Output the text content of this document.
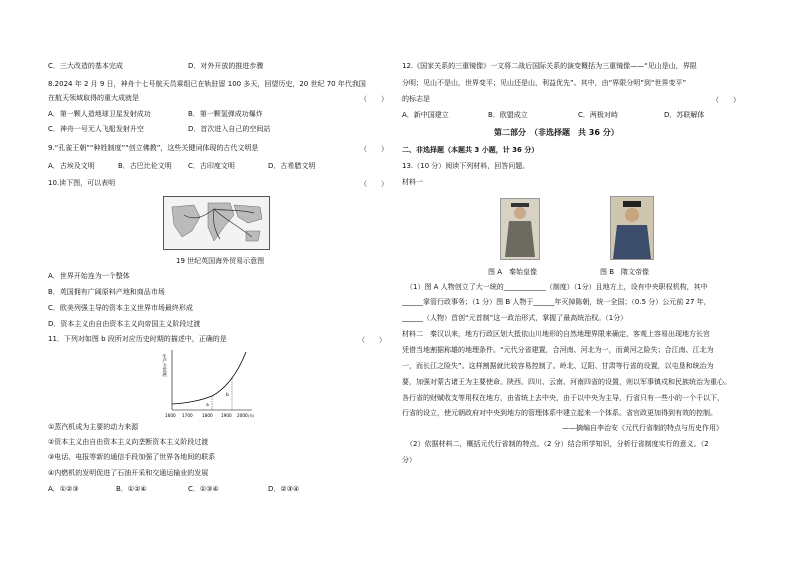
C．三大改造的基本完成	D．对外开放的推进步骤
8.2024 年 2 月 9 日，神舟十七号航天员乘组已在轨驻留 100 多天，回望历史，20 世纪 70 年代我国
在航天领域取得的重大成就是	（　　）
A．第一颗人造地球卫星发射成功	B．第一颗氢弹成功爆炸
C．神舟一号无人飞船发射升空	D．首次进入自己的空间站
9.“孔雀王朝”“种姓制度”“创立佛教”，这些关键词体现的古代文明是	（　　）
A．古埃及文明	B．古巴比伦文明 C．古印度文明	D．古希腊文明
10.读下图，可以表明	（　　）
19 世纪英国海外贸易示意图
A．世界开始连为一个整体
B．英国拥有广阔原料产地和商品市场
C．欧美列强主导的资本主义世界市场最终形成
D．资本主义由自由资本主义向帝国主义阶段过渡
11．下列对如图 b 段所对应历史时期的描述中，正确的是	（　　）
生产力发展
a
b
1600 1700 1800 1900 2000 (年)
①蒸汽机成为主要的动力来源
②资本主义由自由资本主义向垄断资本主义阶段过渡
③电话、电报等新的通信手段加强了世界各地间的联系
④内燃机的发明促进了石油开采和交通运输业的发展
A．①②③	B．①②④	C．①③④	D．②③④
12.《国家关系的三重镜像》一文将二战后国际关系的演变概括为三重镜像——“见山是山，界限
分明；见山不是山，世界变平；见山还是山，利益优先”。其中，由“界限分明”到“世界变平”
的标志是	（　　）
A．新中国建立	B．欧盟成立	C．两极对峙	D．苏联解体
第二部分　（非选择题　共 36 分）
二、非选择题（本题共 3 小题，计 36 分）
13.（10 分）阅读下列材料，回答问题。
材料一
图 A　秦始皇像	图 B　隋文帝像
（1）图 A 人物创立了大一统的____________（制度）（1分）且地方上，设有中央职权机构，其中
______掌管行政事务；（1 分）图 B 人物于______年灭掉陈朝，统一全国；（0.5 分）公元前 27 年，
______（人物）首创“元首制”这一政治形式，掌握了最高统治权。（1分）
材料二　秦汉以来，地方行政区划大抵依山川地形的自然地理界限来确定，客观上容易出现地方长官
凭借当地割据称雄的地理条件。“元代分省建置，合河南、河北为一，而黄河之险失；合江南、江北为
一，而长江之险失”。这样割据就比较容易控制了。岭北、辽阳、甘肃等行省的设置，以屯垦和统治为
要，加强对蒙古诸王为主要使命。陕西、四川、云南、河南四省的设置，则以军事镇戍和民族统治为重心。
各行省的财赋收支等用权在地方，由省统上去中央，由于以中央为主导，行省只有一些小的一个千以下，
行省的设立，使元朝政府对中央到地方的管理体系中建立起来一个体系。省官政更加得到有效的控制。
——摘编自李治安《元代行省制的特点与历史作用》
（2）依据材料二，概括元代行省制的特点。（2 分）结合所学知识，分析行省制度实行的意义。（2
分）
